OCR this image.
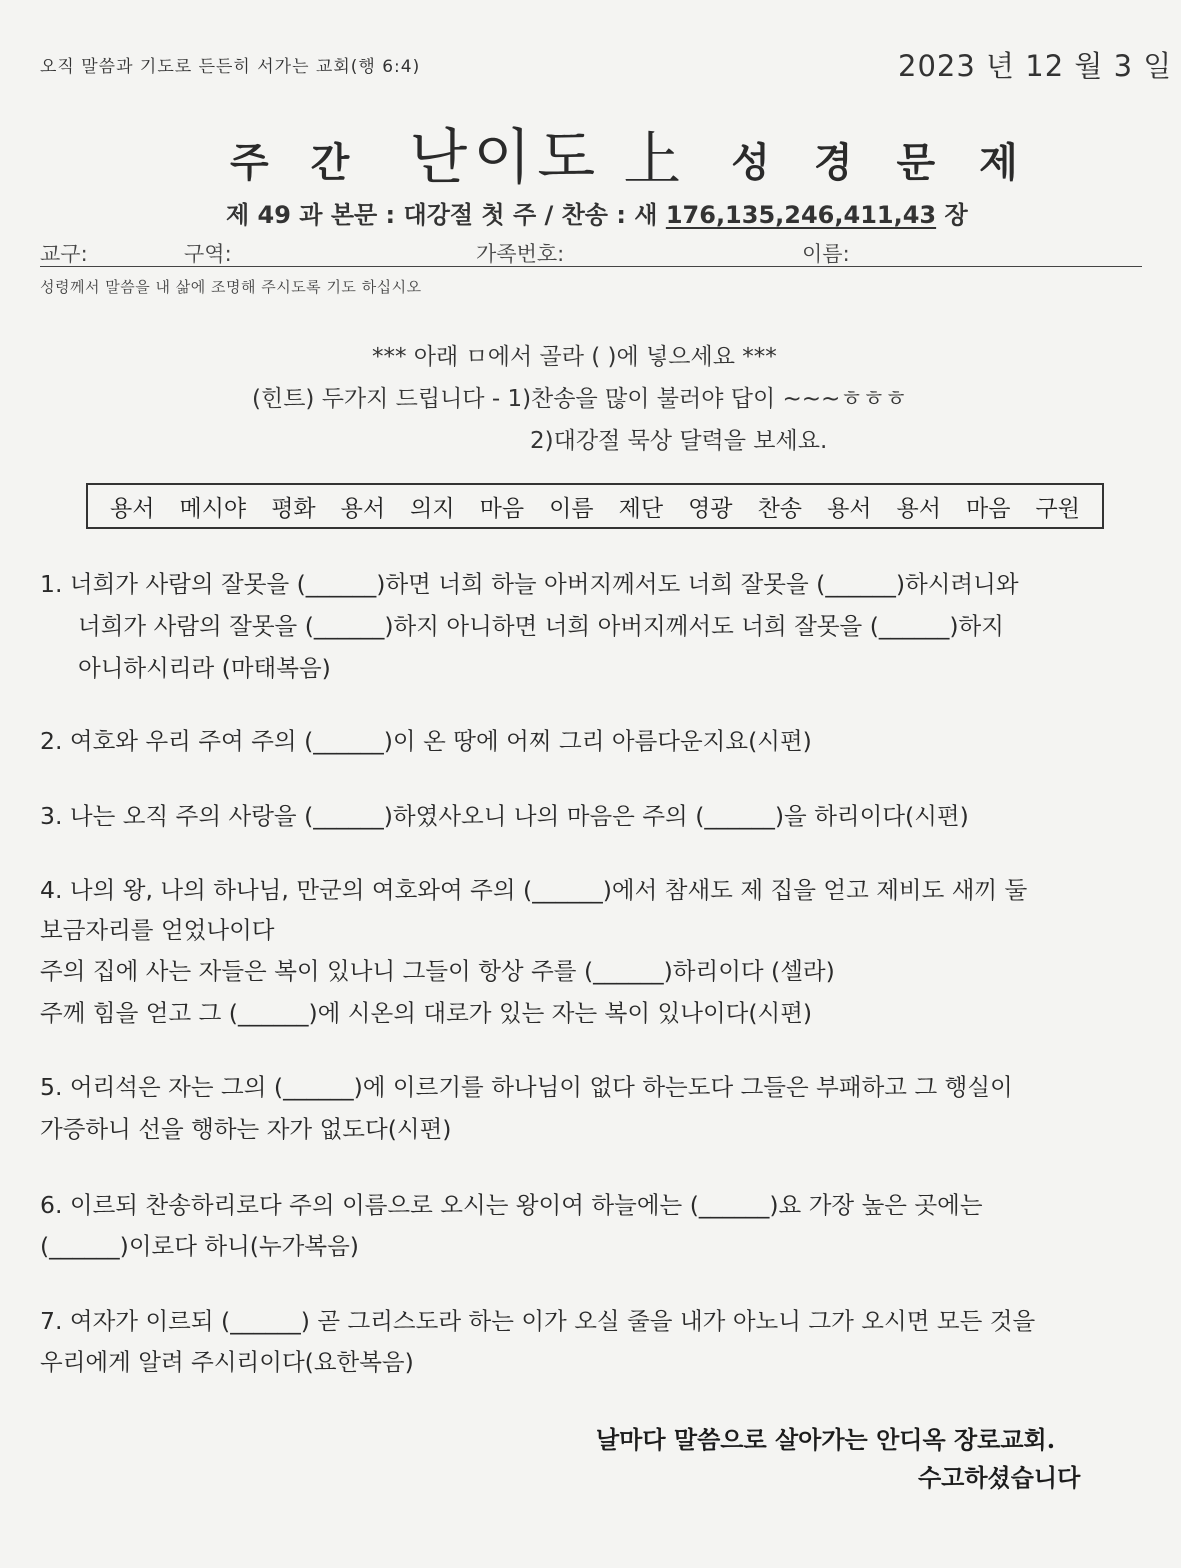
오직 말씀과 기도로 든든히 서가는 교회(행 6:4)	2023 년 12 월 3 일
주간 난이도 上 성경문제
제 49 과 본문 : 대강절 첫 주 / 찬송 : 새 176,135,246,411,43 장
교구:	구역:	가족번호:	이름:
성령께서 말씀을 내 삶에 조명해 주시도록 기도 하십시오
*** 아래 ㅁ에서 골라 ( )에 넣으세요 ***
(힌트) 두가지 드립니다 - 1)찬송을 많이 불러야 답이 ~~~ㅎㅎㅎ
2)대강절 묵상 달력을 보세요.
용서 메시야 평화 용서 의지 마음 이름 제단 영광 찬송 용서 용서 마음 구원
1. 너희가 사람의 잘못을 (______)하면 너희 하늘 아버지께서도 너희 잘못을 (______)하시려니와
너희가 사람의 잘못을 (______)하지 아니하면 너희 아버지께서도 너희 잘못을 (______)하지
아니하시리라 (마태복음)
2. 여호와 우리 주여 주의 (______)이 온 땅에 어찌 그리 아름다운지요(시편)
3. 나는 오직 주의 사랑을 (______)하였사오니 나의 마음은 주의 (______)을 하리이다(시편)
4. 나의 왕, 나의 하나님, 만군의 여호와여 주의 (______)에서 참새도 제 집을 얻고 제비도 새끼 둘
보금자리를 얻었나이다
주의 집에 사는 자들은 복이 있나니 그들이 항상 주를 (______)하리이다 (셀라)
주께 힘을 얻고 그 (______)에 시온의 대로가 있는 자는 복이 있나이다(시편)
5. 어리석은 자는 그의 (______)에 이르기를 하나님이 없다 하는도다 그들은 부패하고 그 행실이
가증하니 선을 행하는 자가 없도다(시편)
6. 이르되 찬송하리로다 주의 이름으로 오시는 왕이여 하늘에는 (______)요 가장 높은 곳에는
(______)이로다 하니(누가복음)
7. 여자가 이르되 (______) 곧 그리스도라 하는 이가 오실 줄을 내가 아노니 그가 오시면 모든 것을
우리에게 알려 주시리이다(요한복음)
날마다 말씀으로 살아가는 안디옥 장로교회.
수고하셨습니다
